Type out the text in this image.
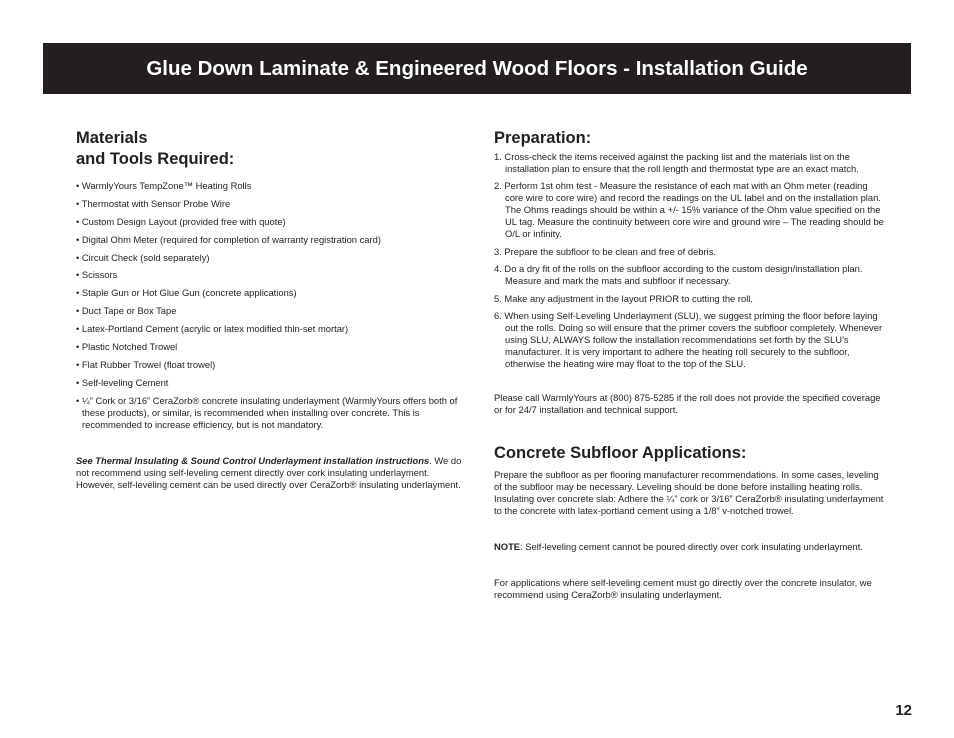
Glue Down Laminate & Engineered Wood Floors - Installation Guide
Materials
and Tools Required:
• WarmlyYours TempZone™ Heating Rolls
• Thermostat with Sensor Probe Wire
• Custom Design Layout (provided free with quote)
• Digital Ohm Meter (required for completion of warranty registration card)
• Circuit Check (sold separately)
• Scissors
• Staple Gun or Hot Glue Gun (concrete applications)
• Duct Tape or Box Tape
• Latex-Portland Cement (acrylic or latex modified thin-set mortar)
• Plastic Notched Trowel
• Flat Rubber Trowel (float trowel)
• Self-leveling Cement
• ¼” Cork or 3/16” CeraZorb® concrete insulating underlayment (WarmlyYours offers both of these products), or similar, is recommended when installing over concrete. This is recommended to increase efficiency, but is not mandatory.

See Thermal Insulating & Sound Control Underlayment installation instructions. We do not recommend using self-leveling cement directly over cork insulating underlayment. However, self-leveling cement can be used directly over CeraZorb® insulating underlayment.

Preparation:
1. Cross-check the items received against the packing list and the materials list on the installation plan to ensure that the roll length and thermostat type are an exact match.
2. Perform 1st ohm test - Measure the resistance of each mat with an Ohm meter (reading core wire to core wire) and record the readings on the UL label and on the installation plan. The Ohms readings should be within a +/- 15% variance of the Ohm value specified on the UL tag. Measure the continuity between core wire and ground wire – The reading should be O/L or infinity.
3. Prepare the subfloor to be clean and free of debris.
4. Do a dry fit of the rolls on the subfloor according to the custom design/installation plan. Measure and mark the mats and subfloor if necessary.
5. Make any adjustment in the layout PRIOR to cutting the roll.
6. When using Self-Leveling Underlayment (SLU), we suggest priming the floor before laying out the rolls. Doing so will ensure that the primer covers the subfloor completely. Whenever using SLU, ALWAYS follow the installation recommendations set forth by the SLU’s manufacturer. It is very important to adhere the heating roll securely to the subfloor, otherwise the heating wire may float to the top of the SLU.

Please call WarmlyYours at (800) 875-5285 if the roll does not provide the specified coverage or for 24/7 installation and technical support.

Concrete Subfloor Applications:

Prepare the subfloor as per flooring manufacturer recommendations. In some cases, leveling of the subfloor may be necessary. Leveling should be done before installing heating rolls. Insulating over concrete slab: Adhere the ¼” cork or 3/16” CeraZorb® insulating underlayment to the concrete with latex-portland cement using a 1/8” v-notched trowel.

NOTE: Self-leveling cement cannot be poured directly over cork insulating underlayment.

For applications where self-leveling cement must go directly over the concrete insulator, we recommend using CeraZorb® insulating underlayment.

12
